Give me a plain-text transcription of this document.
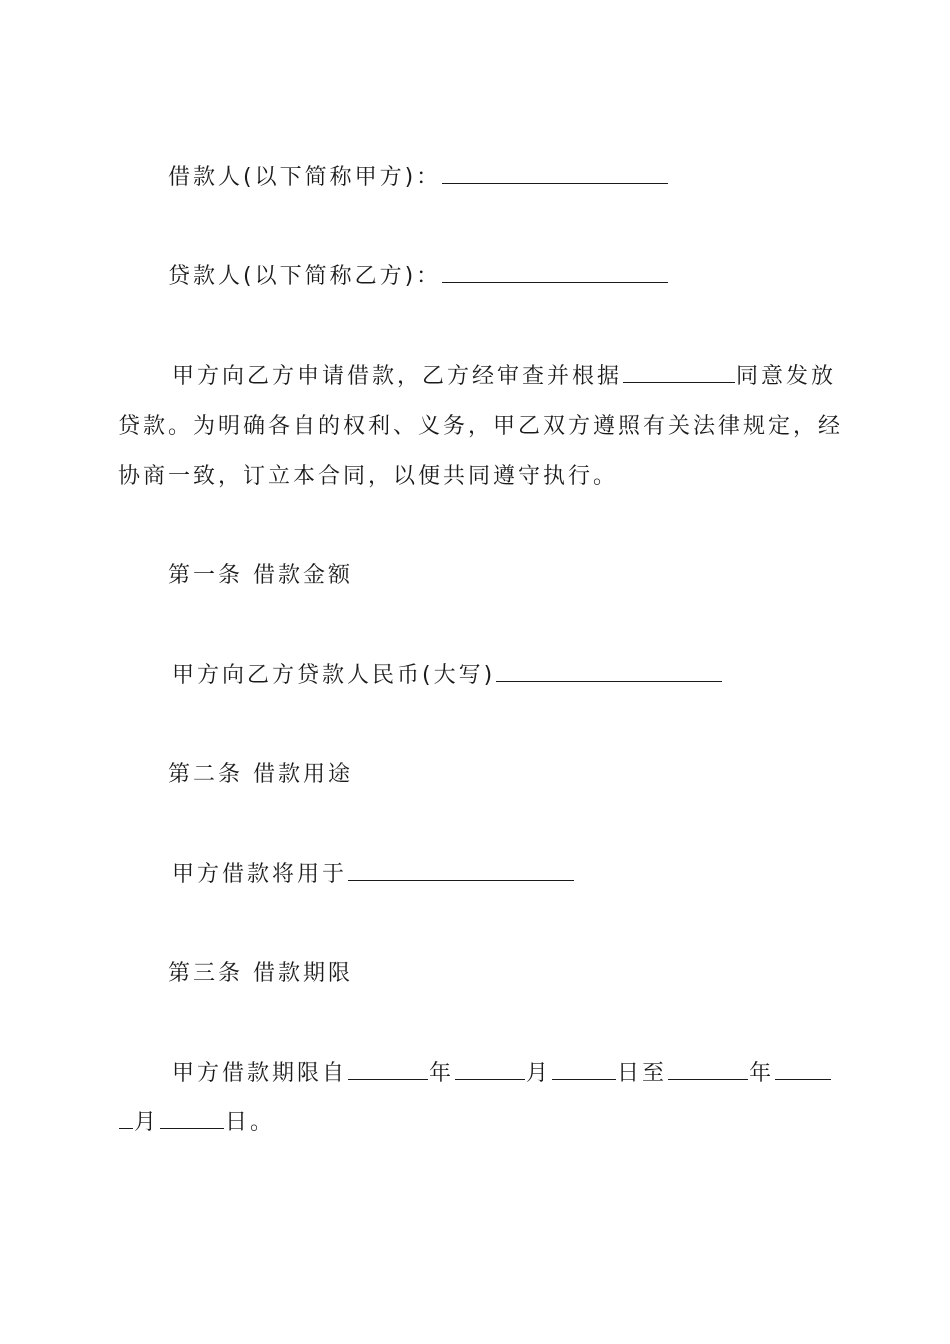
借款人(以下简称甲方)：
贷款人(以下简称乙方)：
甲方向乙方申请借款，乙方经审查并根据	同意发放
贷款。为明确各自的权利、义务，甲乙双方遵照有关法律规定，经
协商一致，订立本合同，以便共同遵守执行。
第一条 借款金额
甲方向乙方贷款人民币(大写)
第二条 借款用途
甲方借款将用于
第三条 借款期限
甲方借款期限自	年	月	日至	年
月	日。
